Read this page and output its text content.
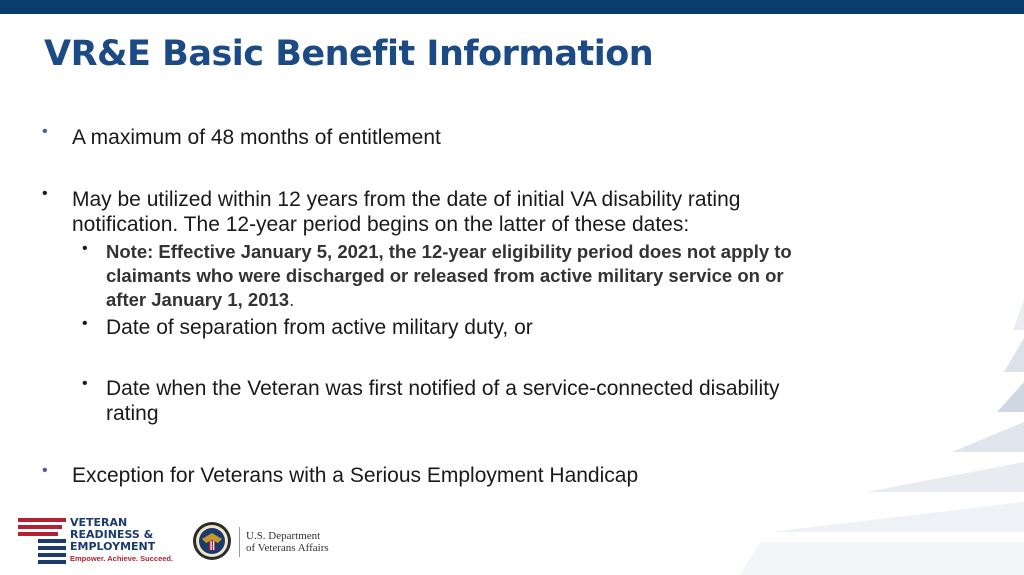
VR&E Basic Benefit Information
• A maximum of 48 months of entitlement
• May be utilized within 12 years from the date of initial VA disability rating
notification. The 12-year period begins on the latter of these dates:
• Note: Effective January 5, 2021, the 12-year eligibility period does not apply to
claimants who were discharged or released from active military service on or
after January 1, 2013.
• Date of separation from active military duty, or
• Date when the Veteran was first notified of a service-connected disability
rating
• Exception for Veterans with a Serious Employment Handicap
VETERAN
READINESS &
EMPLOYMENT
Empower. Achieve. Succeed.
U.S. Department
of Veterans Affairs
